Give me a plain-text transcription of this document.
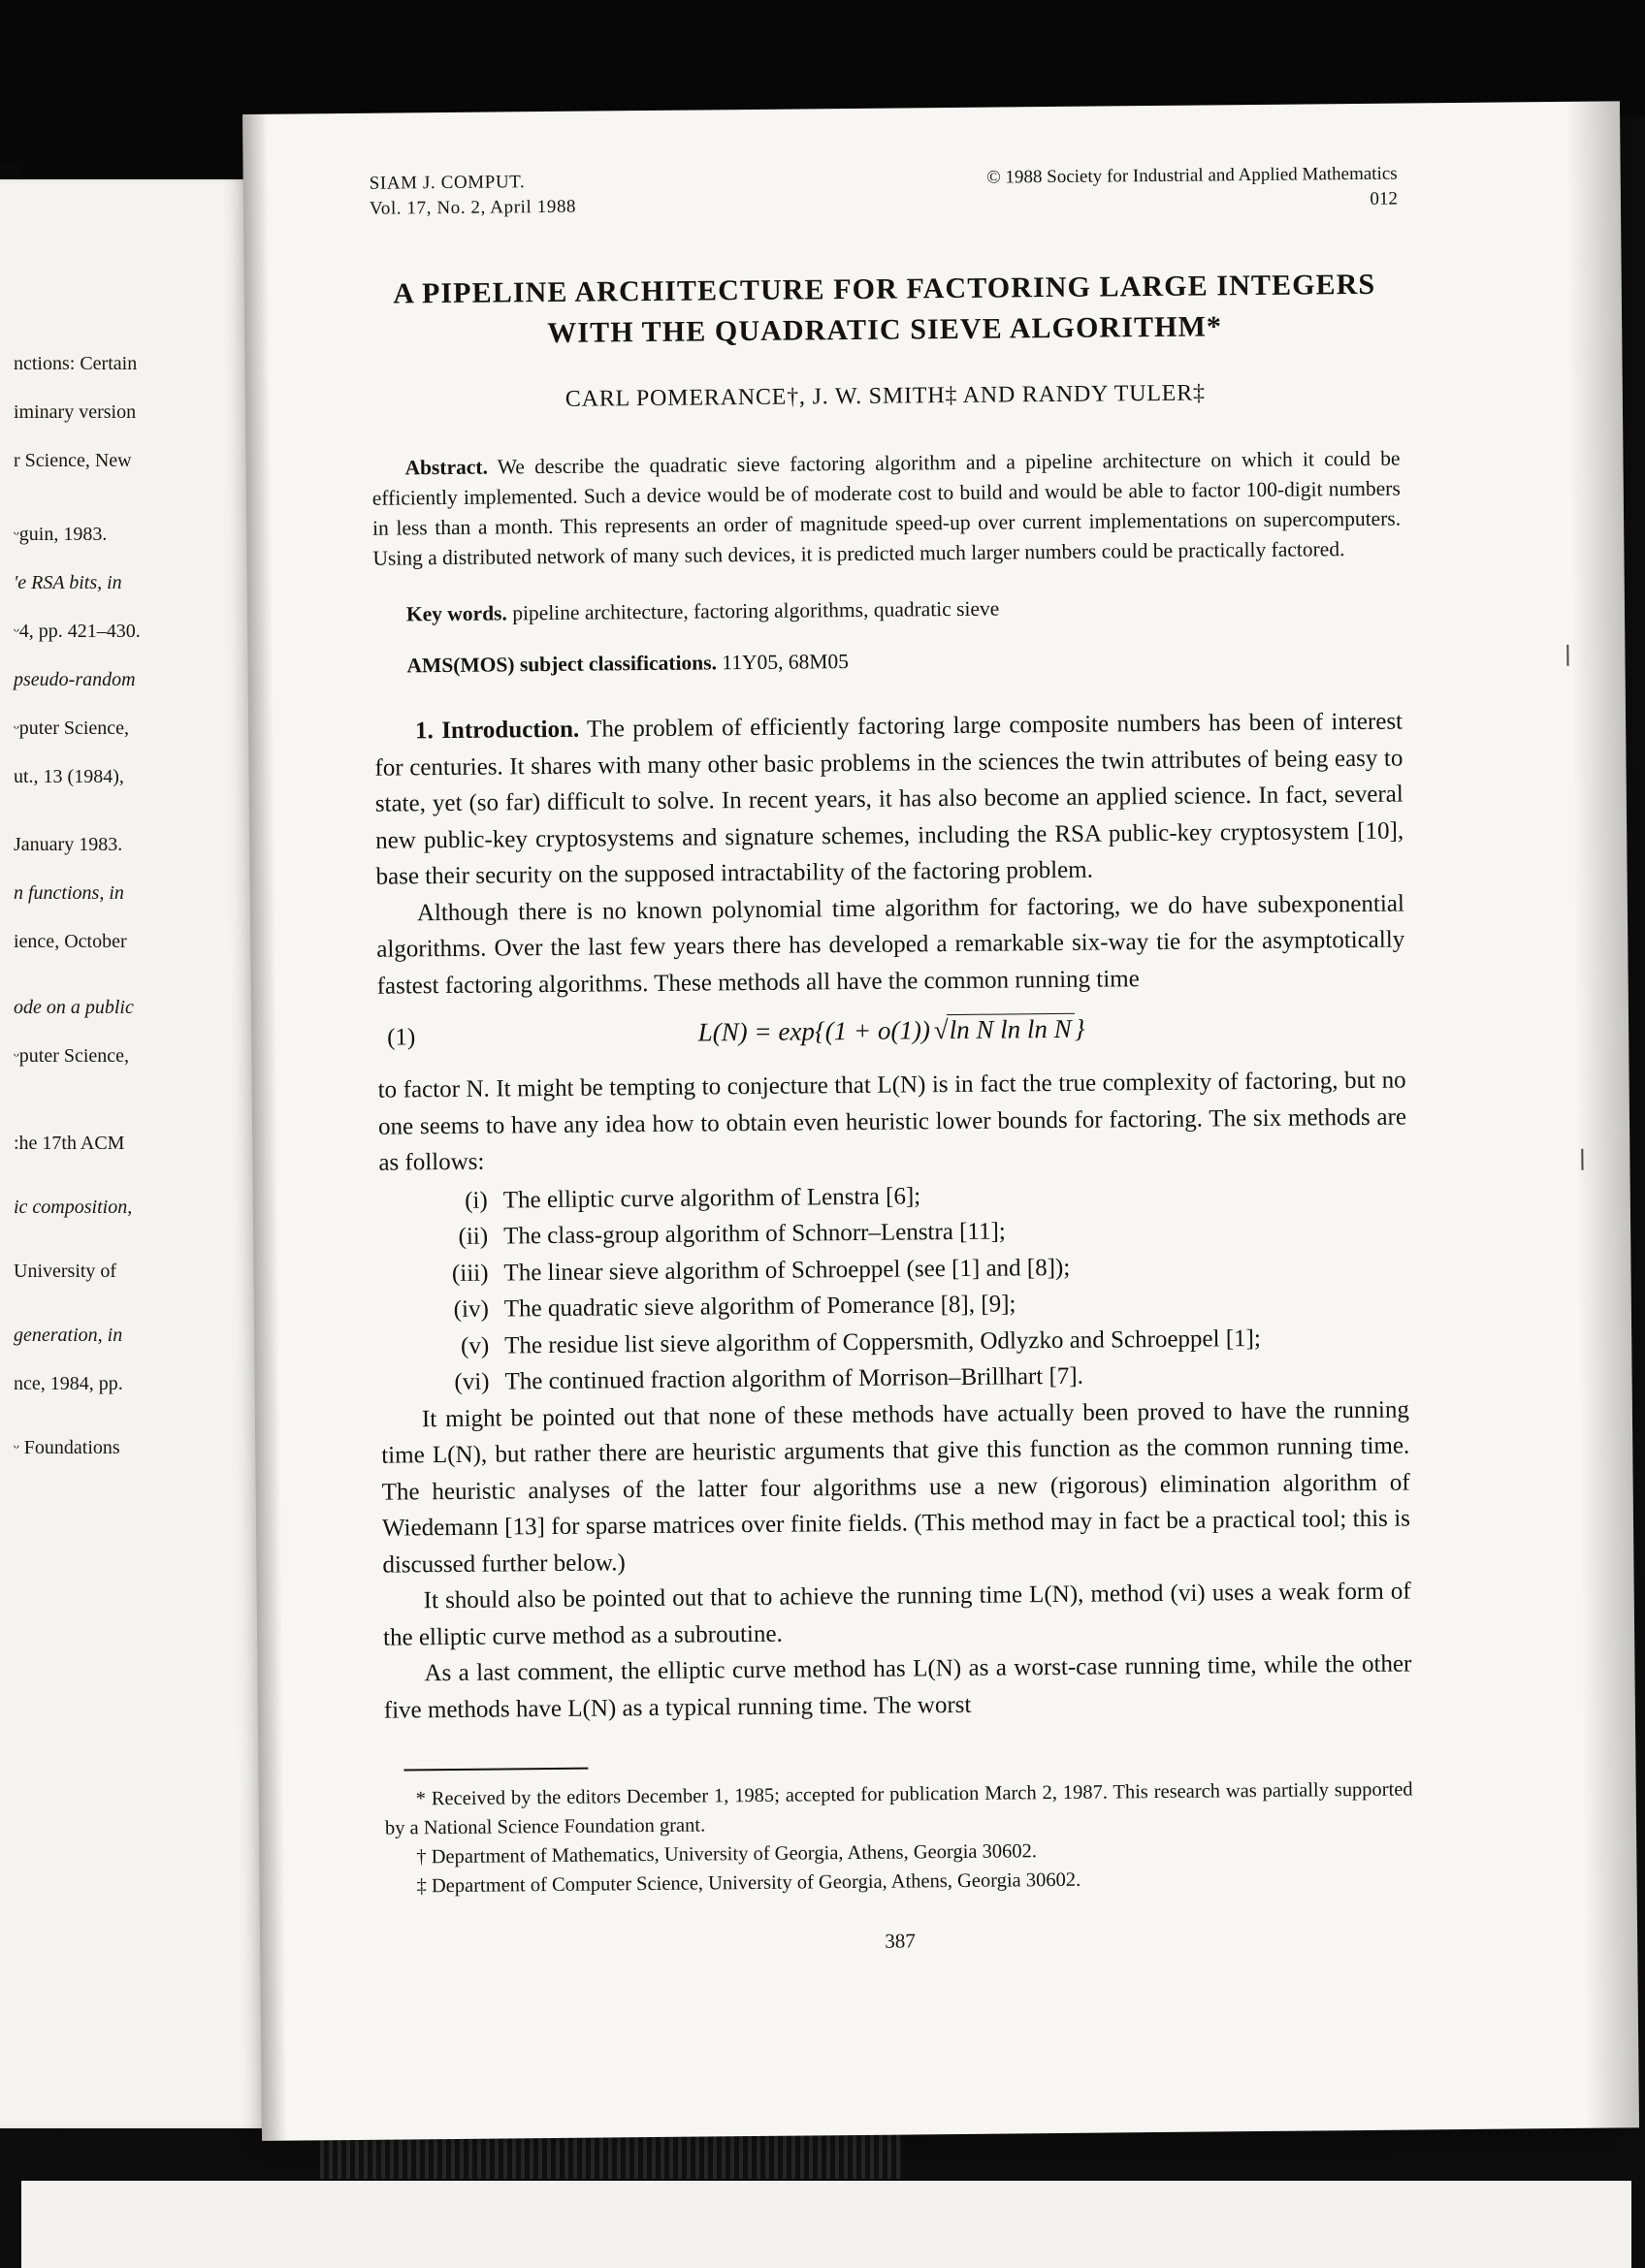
nctions: Certain
iminary version
r Science, New
ᵕguin, 1983.
'e RSA bits, in
ᵕ4, pp. 421–430.
pseudo-random
ᵕputer Science,
ut., 13 (1984),
January 1983.
n functions, in
ience, October
ode on a public
ᵕputer Science,
:he 17th ACM
ic composition,
University of
generation, in
nce, 1984, pp.
ᵕ Foundations
SIAM J. COMPUT.
Vol. 17, No. 2, April 1988
© 1988 Society for Industrial and Applied Mathematics
012
A PIPELINE ARCHITECTURE FOR FACTORING LARGE INTEGERS
WITH THE QUADRATIC SIEVE ALGORITHM*
CARL POMERANCE†, J. W. SMITH‡ AND RANDY TULER‡
Abstract. We describe the quadratic sieve factoring algorithm and a pipeline architecture on which it could be efficiently implemented. Such a device would be of moderate cost to build and would be able to factor 100-digit numbers in less than a month. This represents an order of magnitude speed-up over current implementations on supercomputers. Using a distributed network of many such devices, it is predicted much larger numbers could be practically factored.
Key words. pipeline architecture, factoring algorithms, quadratic sieve
AMS(MOS) subject classifications. 11Y05, 68M05

1. Introduction. The problem of efficiently factoring large composite numbers has been of interest for centuries. It shares with many other basic problems in the sciences the twin attributes of being easy to state, yet (so far) difficult to solve. In recent years, it has also become an applied science. In fact, several new public-key cryptosystems and signature schemes, including the RSA public-key cryptosystem [10], base their security on the supposed intractability of the factoring problem.

Although there is no known polynomial time algorithm for factoring, we do have subexponential algorithms. Over the last few years there has developed a remarkable six-way tie for the asymptotically fastest factoring algorithms. These methods all have the common running time

(1)	L(N) = exp{(1 + o(1)) √ln N ln ln N }

to factor N. It might be tempting to conjecture that L(N) is in fact the true complexity of factoring, but no one seems to have any idea how to obtain even heuristic lower bounds for factoring. The six methods are as follows:

(i) The elliptic curve algorithm of Lenstra [6];
(ii) The class-group algorithm of Schnorr–Lenstra [11];
(iii) The linear sieve algorithm of Schroeppel (see [1] and [8]);
(iv) The quadratic sieve algorithm of Pomerance [8], [9];
(v) The residue list sieve algorithm of Coppersmith, Odlyzko and Schroeppel [1];
(vi) The continued fraction algorithm of Morrison–Brillhart [7].

It might be pointed out that none of these methods have actually been proved to have the running time L(N), but rather there are heuristic arguments that give this function as the common running time. The heuristic analyses of the latter four algorithms use a new (rigorous) elimination algorithm of Wiedemann [13] for sparse matrices over finite fields. (This method may in fact be a practical tool; this is discussed further below.)

It should also be pointed out that to achieve the running time L(N), method (vi) uses a weak form of the elliptic curve method as a subroutine.

As a last comment, the elliptic curve method has L(N) as a worst-case running time, while the other five methods have L(N) as a typical running time. The worst

* Received by the editors December 1, 1985; accepted for publication March 2, 1987. This research was partially supported by a National Science Foundation grant.

† Department of Mathematics, University of Georgia, Athens, Georgia 30602.

‡ Department of Computer Science, University of Georgia, Athens, Georgia 30602.

387
